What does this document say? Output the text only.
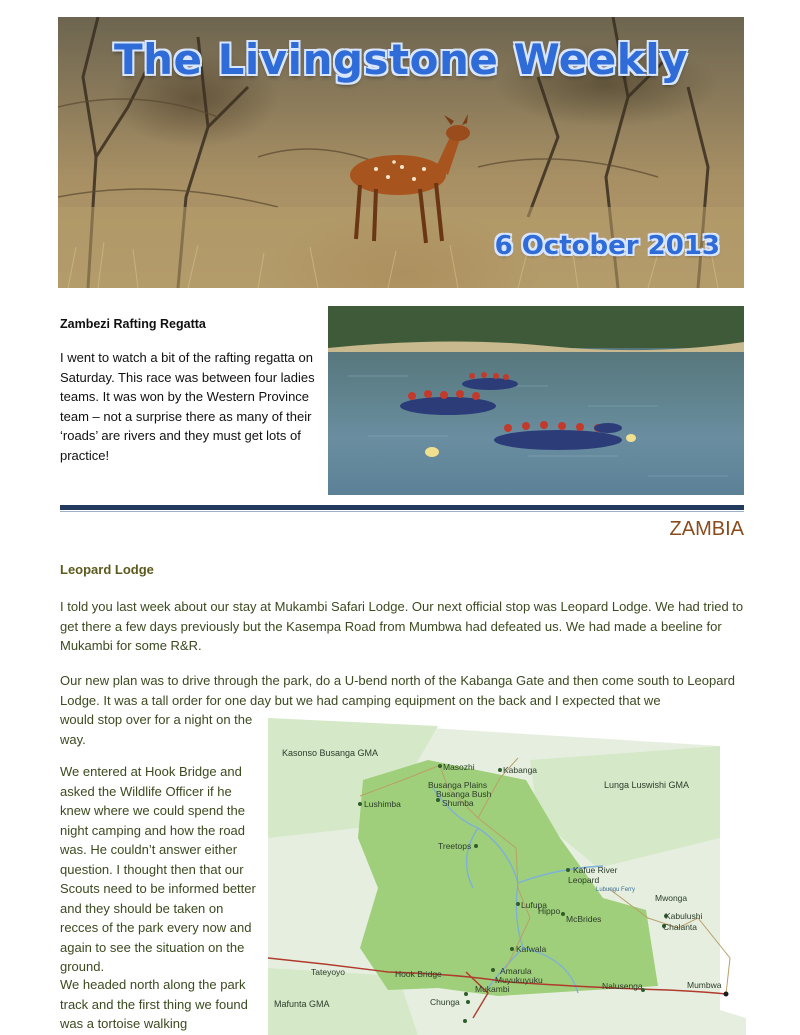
The Livingstone Weekly
6 October 2013
Zambezi Rafting Regatta

I went to watch a bit of the rafting regatta on Saturday. This race was between four ladies teams. It was won by the Western Province team – not a surprise there as many of their ‘roads’ are rivers and they must get lots of practice!

ZAMBIA
Leopard Lodge

I told you last week about our stay at Mukambi Safari Lodge. Our next official stop was Leopard Lodge. We had tried to get there a few days previously but the Kasempa Road from Mumbwa had defeated us. We had made a beeline for Mukambi for some R&R.

Our new plan was to drive through the park, do a U-bend north of the Kabanga Gate and then come south to Leopard Lodge. It was a tall order for one day but we had camping equipment on the back and I expected that we
would stop over for a night on the way.

We entered at Hook Bridge and asked the Wildlife Officer if he knew where we could spend the night camping and how the road was. He couldn’t answer either question. I thought then that our Scouts need to be informed better and they should be taken on recces of the park every now and again to see the situation on the ground.

We headed north along the park track and the first thing we found was a tortoise walking

Kasonso Busanga GMA
Masozhi	Kabanga
Lunga Luswishi GMA
Lushimba
Busanga Plains
Busanga Bush
Shumba
Treetops
Kafue River
Leopard
Lubungu Ferry
Lufupa
Hippo
McBrides
Mwonga
Kabulushi
Chalanta
Kafwala
Tateyoyo	Hook Bridge	Amarula
Muyukuyuku
Mukambi	Nalusenga	Mumbwa
Mafunta GMA	Chunga
